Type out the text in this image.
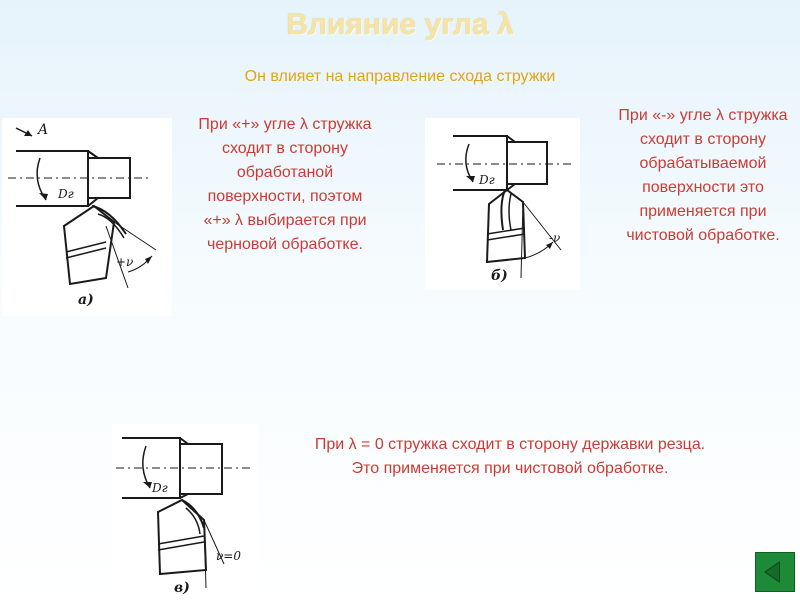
Влияние угла λ
Он влияет на направление схода стружки
A
Dг
+ν
а)
При «+» угле λ стружка сходит в сторону обработаной поверхности, поэтом «+» λ выбирается при черновой обработке.
Dг
-ν
б)
При «-» угле λ стружка сходит в сторону обрабатываемой поверхности это применяется при чистовой обработке.
Dг
ν=0
в)
При λ = 0 стружка сходит в сторону державки резца. Это применяется при чистовой обработке.
